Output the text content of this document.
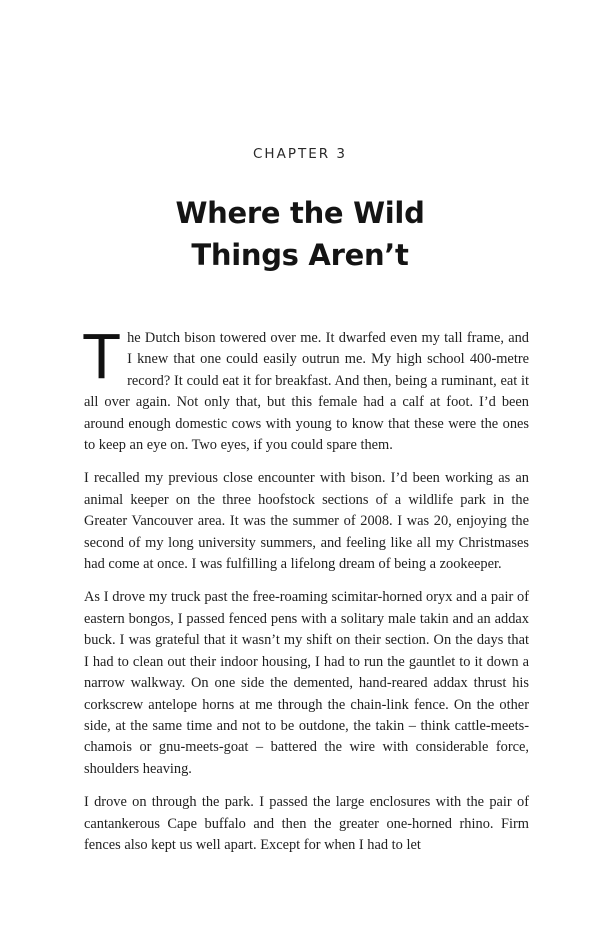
CHAPTER 3
Where the Wild
Things Aren’t

The Dutch bison towered over me. It dwarfed even my tall frame, and I knew that one could easily outrun me. My high school 400-metre record? It could eat it for breakfast. And then, being a ruminant, eat it all over again. Not only that, but this female had a calf at foot. I’d been around enough domestic cows with young to know that these were the ones to keep an eye on. Two eyes, if you could spare them.

I recalled my previous close encounter with bison. I’d been working as an animal keeper on the three hoofstock sections of a wildlife park in the Greater Vancouver area. It was the summer of 2008. I was 20, enjoying the second of my long university summers, and feeling like all my Christmases had come at once. I was fulfilling a lifelong dream of being a zookeeper.

As I drove my truck past the free-roaming scimitar-horned oryx and a pair of eastern bongos, I passed fenced pens with a solitary male takin and an addax buck. I was grateful that it wasn’t my shift on their section. On the days that I had to clean out their indoor housing, I had to run the gauntlet to it down a narrow walkway. On one side the demented, hand-reared addax thrust his corkscrew antelope horns at me through the chain-link fence. On the other side, at the same time and not to be outdone, the takin – think cattle-meets-chamois or gnu-meets-goat – battered the wire with considerable force, shoulders heaving.

I drove on through the park. I passed the large enclosures with the pair of cantankerous Cape buffalo and then the greater one-horned rhino. Firm fences also kept us well apart. Except for when I had to let
